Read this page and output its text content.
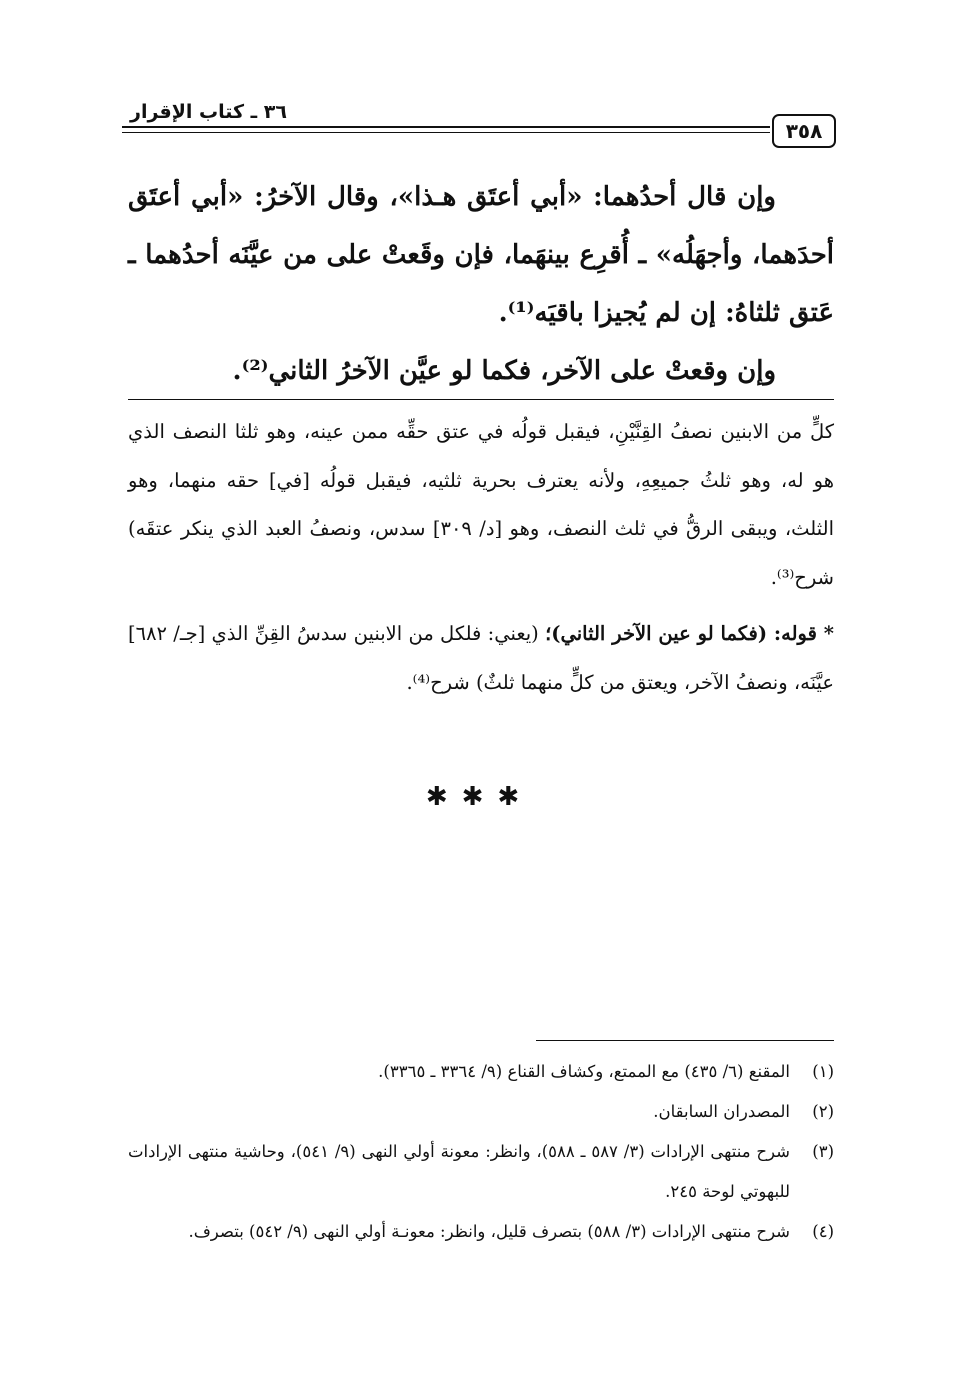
٣٦ ـ كتاب الإقرار
٣٥٨

وإن قال أحدُهما: «أبي أعتَق هـذا»، وقال الآخرُ: «أبي أعتَق أحدَهما، وأجهَلُه» ـ أُقرِع بينهَما، فإن وقَعتْ على من عيَّنَه أحدُهما ـ عَتق ثلثاهُ: إن لم يُجيزا باقيَه⁽¹⁾.

وإن وقعتْ على الآخر، فكما لو عيَّن الآخرُ الثاني⁽²⁾.

كلٍّ من الابنين نصفُ القِنَّيْنِ، فيقبل قولُه في عتق حقِّه ممن عينه، وهو ثلثا النصف الذي هو له، وهو ثلثُ جميعِهِ، ولأنه يعترف بحرية ثلثيه، فيقبل قولُه [في] حقه منهما، وهو الثلث، ويبقى الرقُّ في ثلث النصف، وهو [د/ ٣٠٩] سدس، ونصفُ العبد الذي ينكر عتقَه) شرح⁽³⁾.

* قوله: (فكما لو عين الآخر الثاني)؛ (يعني: فلكل من الابنين سدسُ القِنِّ الذي [جـ/ ٦٨٢] عيَّنَه، ونصفُ الآخر، ويعتق من كلٍّ منهما ثلثٌ) شرح⁽⁴⁾.

✱✱✱
(١)
المقنع (٦/ ٤٣٥) مع الممتع، وكشاف القناع (٩/ ٣٣٦٤ ـ ٣٣٦٥).
(٢)
المصدران السابقان.
(٣)
شرح منتهى الإرادات (٣/ ٥٨٧ ـ ٥٨٨)، وانظر: معونة أولي النهى (٩/ ٥٤١)، وحاشية منتهى الإرادات للبهوتي لوحة ٢٤٥.
(٤)
شرح منتهى الإرادات (٣/ ٥٨٨) بتصرف قليل، وانظر: معونـة أولي النهى (٩/ ٥٤٢) بتصرف.
